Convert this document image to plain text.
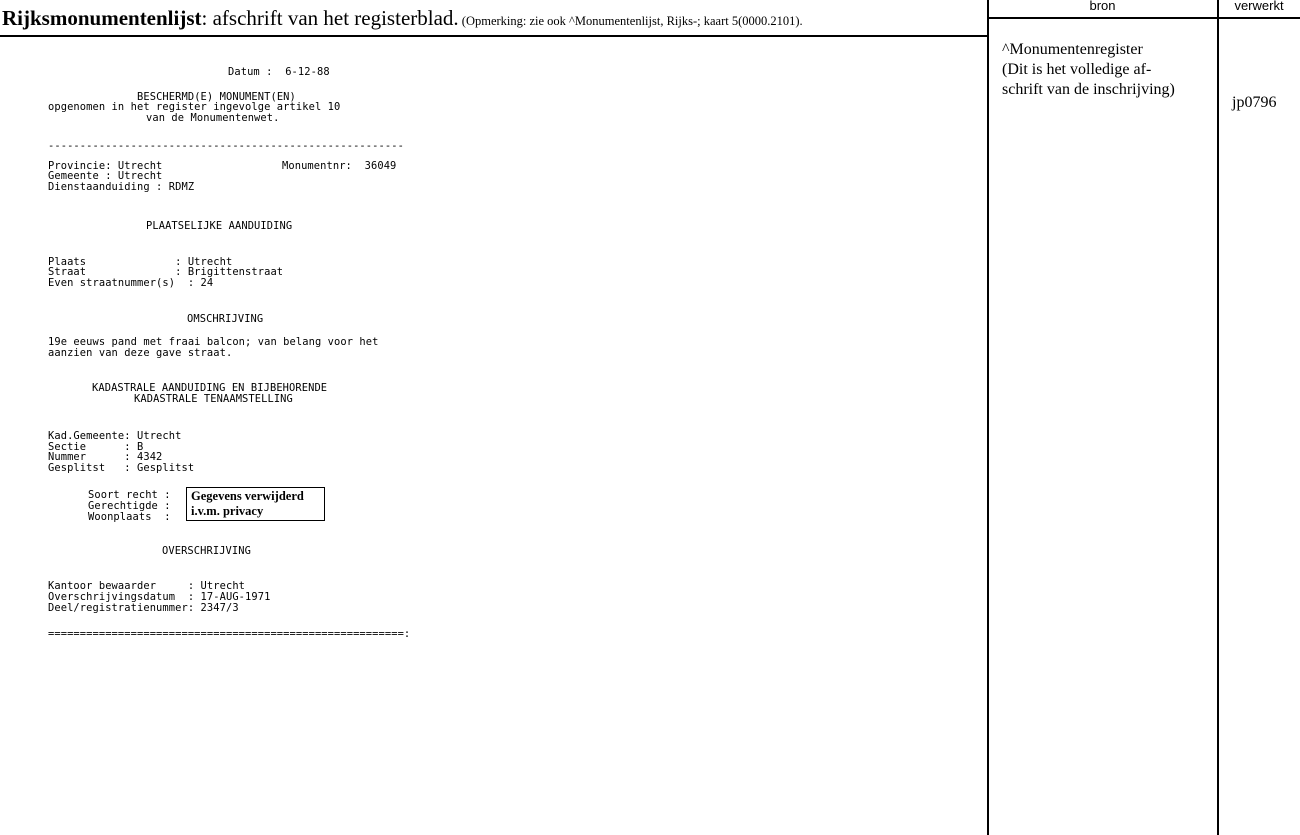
Rijksmonumentenlijst: afschrift van het registerblad. (Opmerking: zie ook ^Monumentenlijst, Rijks-; kaart 5(0000.2101).
bron	verwerkt
^Monumentenregister
(Dit is het volledige af-
schrift van de inschrijving)
jp0796
Datum :  6-12-88
BESCHERMD(E) MONUMENT(EN)
opgenomen in het register ingevolge artikel 10
van de Monumentenwet.
--------------------------------------------------------
Provincie: Utrecht	Monumentnr:  36049
Gemeente : Utrecht
Dienstaanduiding : RDMZ
PLAATSELIJKE AANDUIDING
Plaats              : Utrecht
Straat              : Brigittenstraat
Even straatnummer(s)  : 24
OMSCHRIJVING
19e eeuws pand met fraai balcon; van belang voor het
aanzien van deze gave straat.
KADASTRALE AANDUIDING EN BIJBEHORENDE
KADASTRALE TENAAMSTELLING
Kad.Gemeente: Utrecht
Sectie      : B
Nummer      : 4342
Gesplitst   : Gesplitst
Soort recht :
Gerechtigde :
Woonplaats  :
Gegevens verwijderd
i.v.m. privacy
OVERSCHRIJVING
Kantoor bewaarder     : Utrecht
Overschrijvingsdatum  : 17-AUG-1971
Deel/registratienummer: 2347/3
========================================================:
